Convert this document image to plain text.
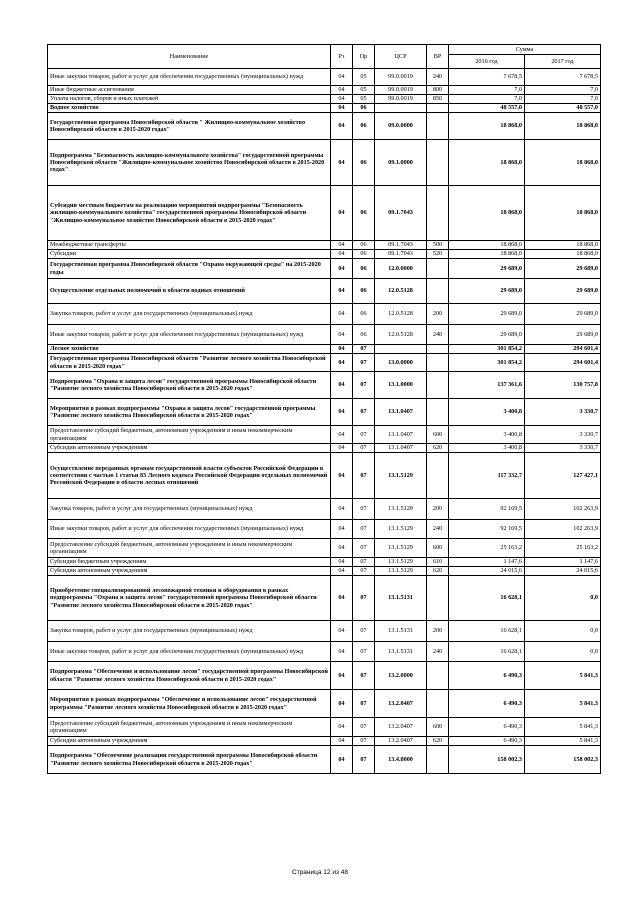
Наименование	Рз	Пр	ЦСР	ВР	Сумма	
					2016 год	2017 год
Иные закупки товаров, работ и услуг для обеспечения государственных (муниципальных) нужд	04	05	99.0.0019	240	7 678,5	7 678,5
Иные бюджетные ассигнования	04	05	99.0.0019	800	7,0	7,0
Уплата налогов, сборов и иных платежей	04	05	99.0.0019	850	7,0	7,0
Водное хозяйство	04	06			48 557,0	48 557,0
Государственная программа Новосибирской области " Жилищно-коммунальное хозяйство Новосибирской области в 2015-2020 годах"	04	06	09.0.0000		18 868,0	18 868,0
Подпрограмма "Безопасность жилищно-коммунального хозяйства" государственной программы Новосибирской области "Жилищно-коммунальное хозяйство Новосибирской области в 2015-2020 годах"	04	06	09.1.0000		18 868,0	18 868,0
Субсидии местным бюджетам на реализацию мероприятий подпрограммы "Безопасность жилищно-коммунального хозяйства" государственной программы Новосибирской области "Жилищно-коммунальное хозяйство Новосибирской области в 2015-2020 годах"	04	06	09.1.7043		18 868,0	18 868,0
Межбюджетные трансферты	04	06	09.1.7043	500	18 868,0	18 868,0
Субсидии	04	06	09.1.7043	520	18 868,0	18 868,0
Государственная программа Новосибирской области "Охрана окружающей среды" на 2015-2020 годы	04	06	12.0.0000		29 689,0	29 689,0
Осуществление отдельных полномочий в области водных отношений	04	06	12.0.5128		29 689,0	29 689,0
Закупка товаров, работ и услуг для государственных (муниципальных) нужд	04	06	12.0.5128	200	29 689,0	29 689,0
Иные закупки товаров, работ и услуг для обеспечения государственных (муниципальных) нужд	04	06	12.0.5128	240	29 689,0	29 689,0
Лесное хозяйство	04	07			301 854,2	294 601,4
Государственная программа Новосибирской области "Развитие лесного хозяйства Новосибирской области в 2015-2020 годах"	04	07	13.0.0000		301 854,2	294 601,4
Подпрограмма "Охрана и защита лесов" государственной программы Новосибирской области "Развитие лесного хозяйства Новосибирской области в 2015-2020 годах"	04	07	13.1.0000		137 361,6	130 757,8
Мероприятия в рамках подпрограммы "Охрана и защита лесов" государственной программы "Развитие лесного хозяйства Новосибирской области в 2015-2020 годах"	04	07	13.1.0407		3 400,8	3 330,7
Предоставление субсидий бюджетным, автономным учреждениям и иным некоммерческим организациям	04	07	13.1.0407	600	3 400,8	3 330,7
Субсидии автономным учреждениям	04	07	13.1.0407	620	3 400,8	3 330,7
Осуществление переданных органам государственной власти субъектов Российской Федерации в соответствии с частью 1 статьи 83 Лесного кодекса Российской Федерации отдельных полномочий Российской Федерации в области лесных отношений	04	07	13.1.5129		117 332,7	127 427,1
Закупка товаров, работ и услуг для государственных (муниципальных) нужд	04	07	13.1.5129	200	92 169,5	102 263,9
Иные закупки товаров, работ и услуг для обеспечения государственных (муниципальных) нужд	04	07	13.1.5129	240	92 169,5	102 263,9
Предоставление субсидий бюджетным, автономным учреждениям и иным некоммерческим организациям	04	07	13.1.5129	600	25 163,2	25 163,2
Субсидии бюджетным учреждениям	04	07	13.1.5129	610	1 147,6	1 147,6
Субсидии автономным учреждениям	04	07	13.1.5129	620	24 015,6	24 015,6
Приобретение специализированной лесопожарной техники и оборудования в рамках подпрограммы "Охрана и защита лесов" государственной программы Новосибирской области "Развитие лесного хозяйства Новосибирской области в 2015-2020 годах"	04	07	13.1.5131		16 628,1	0,0
Закупка товаров, работ и услуг для государственных (муниципальных) нужд	04	07	13.1.5131	200	16 628,1	0,0
Иные закупки товаров, работ и услуг для обеспечения государственных (муниципальных) нужд	04	07	13.1.5131	240	16 628,1	0,0
Подпрограмма "Обеспечение и использование лесов" государственной программы Новосибирской области "Развитие лесного хозяйства Новосибирской области в 2015-2020 годах"	04	07	13.2.0000		6 490,3	5 841,3
Мероприятия в рамках подпрограммы "Обеспечение и использование лесов" государственной программы "Развитие лесного хозяйства Новосибирской области в 2015-2020 годах"	04	07	13.2.0407		6 490,3	5 841,3
Предоставление субсидий бюджетным, автономным учреждениям и иным некоммерческим организациям	04	07	13.2.0407	600	6 490,3	5 841,3
Субсидии автономным учреждениям	04	07	13.2.0407	620	6 490,3	5 841,3
Подпрограмма "Обеспечение реализации государственной программы Новосибирской области "Развитие лесного хозяйства Новосибирской области в 2015-2020 годах"	04	07	13.4.0000		158 002,3	158 002,3
Страница 12 из 48
